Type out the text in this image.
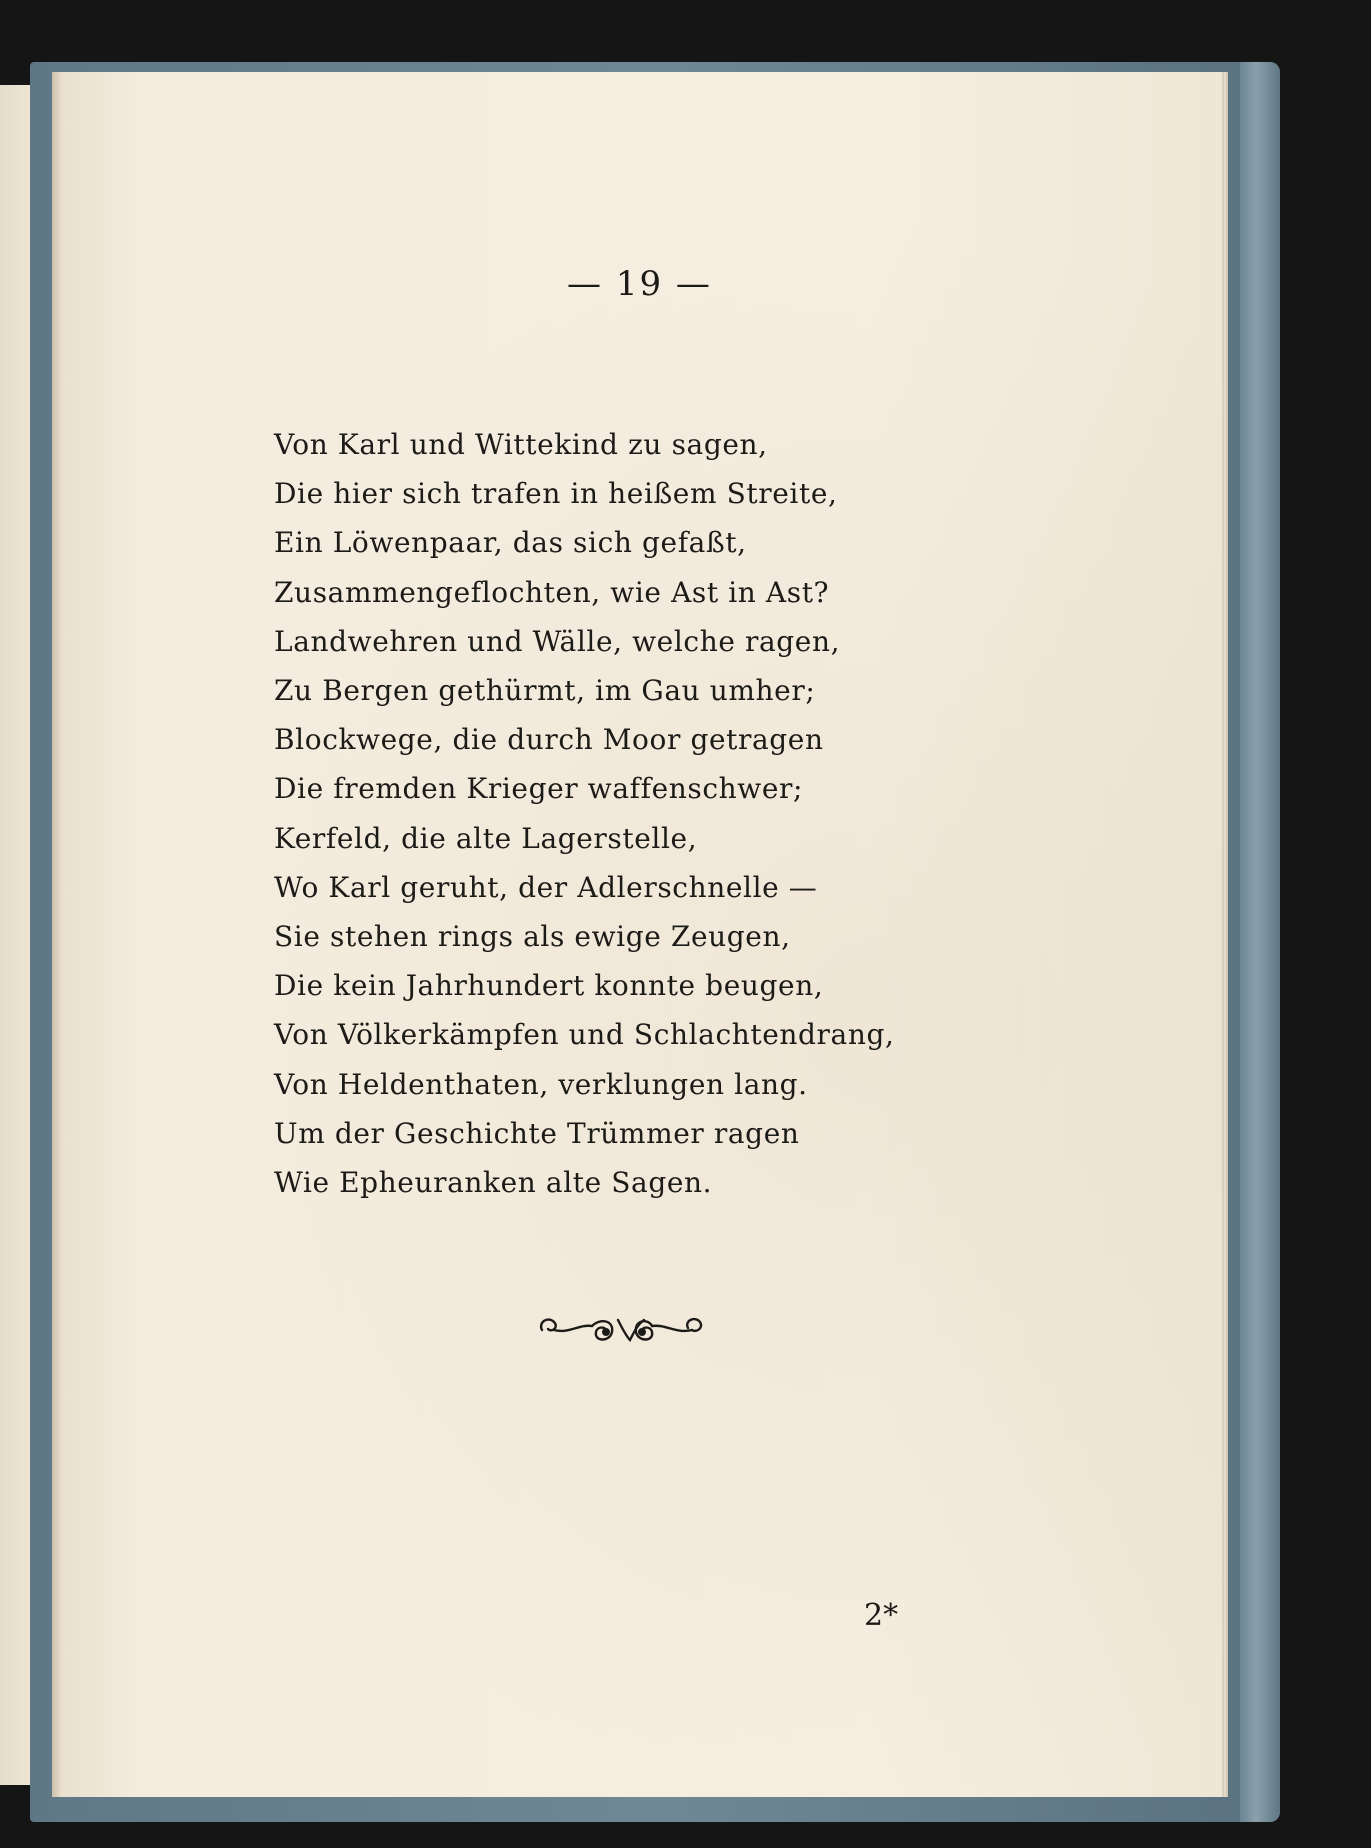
— 19 —
Von Karl und Wittekind zu sagen,
Die hier sich trafen in heißem Streite,
Ein Löwenpaar, das sich gefaßt,
Zusammengeflochten, wie Ast in Ast?
Landwehren und Wälle, welche ragen,
Zu Bergen gethürmt, im Gau umher;
Blockwege, die durch Moor getragen
Die fremden Krieger waffenschwer;
Kerfeld, die alte Lagerstelle,
Wo Karl geruht, der Adlerschnelle —
Sie stehen rings als ewige Zeugen,
Die kein Jahrhundert konnte beugen,
Von Völkerkämpfen und Schlachtendrang,
Von Heldenthaten, verklungen lang.
Um der Geschichte Trümmer ragen
Wie Epheuranken alte Sagen.
2*
